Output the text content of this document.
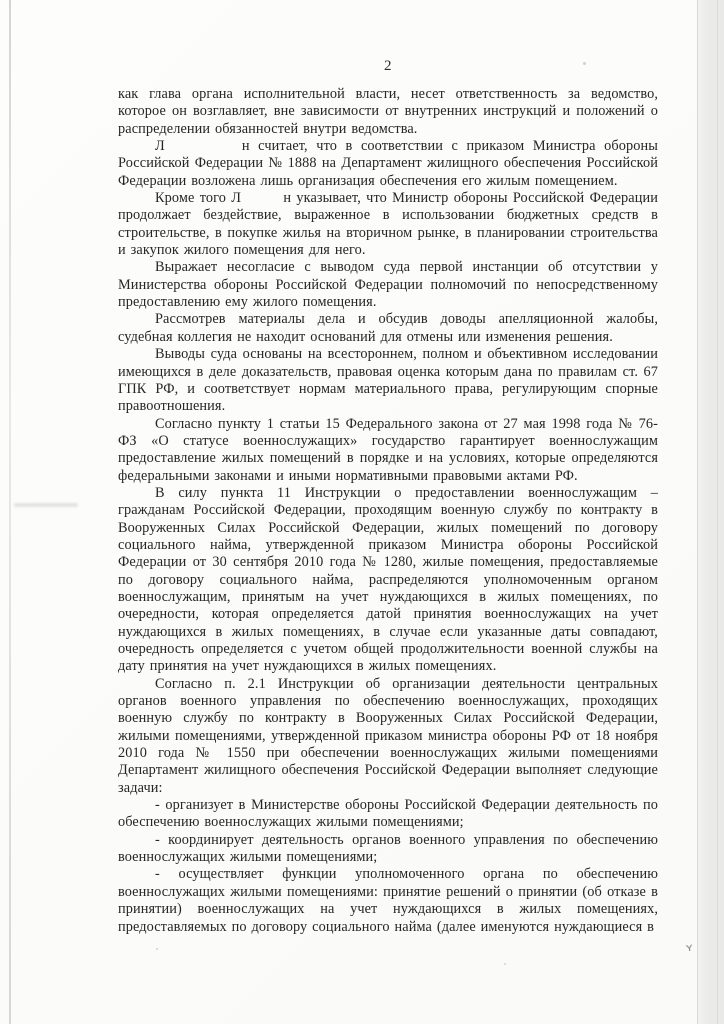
ʏ
2

как глава органа исполнительной власти, несет ответственность за ведомство, которое он возглавляет, вне зависимости от внутренних инструкций и положений о распределении обязанностей внутри ведомства.

Л         н считает, что в соответствии с приказом Министра обороны Российской Федерации № 1888 на Департамент жилищного обеспечения Российской Федерации возложена лишь организация обеспечения его жилым помещением.

Кроме того Л        н указывает, что Министр обороны Российской Федерации продолжает бездействие, выраженное в использовании бюджетных средств в строительстве, в покупке жилья на вторичном рынке, в планировании строительства и закупок жилого помещения для него.

Выражает несогласие с выводом суда первой инстанции об отсутствии у Министерства обороны Российской Федерации полномочий по непосредственному предоставлению ему жилого помещения.

Рассмотрев материалы дела и обсудив доводы апелляционной жалобы, судебная коллегия не находит оснований для отмены или изменения решения.

Выводы суда основаны на всестороннем, полном и объективном исследовании имеющихся в деле доказательств, правовая оценка которым дана по правилам ст. 67 ГПК РФ, и соответствует нормам материального права, регулирующим спорные правоотношения.

Согласно пункту 1 статьи 15 Федерального закона от 27 мая 1998 года № 76-ФЗ «О статусе военнослужащих» государство гарантирует военнослужащим предоставление жилых помещений в порядке и на условиях, которые определяются федеральными законами и иными нормативными правовыми актами РФ.

В силу пункта 11 Инструкции о предоставлении военнослужащим – гражданам Российской Федерации, проходящим военную службу по контракту в Вооруженных Силах Российской Федерации, жилых помещений по договору социального найма, утвержденной приказом Министра обороны Российской Федерации от 30 сентября 2010 года № 1280, жилые помещения, предоставляемые по договору социального найма, распределяются уполномоченным органом военнослужащим, принятым на учет нуждающихся в жилых помещениях, по очередности, которая определяется датой принятия военнослужащих на учет нуждающихся в жилых помещениях, в случае если указанные даты совпадают, очередность определяется с учетом общей продолжительности военной службы на дату принятия на учет нуждающихся в жилых помещениях.

Согласно п. 2.1 Инструкции об организации деятельности центральных органов военного управления по обеспечению военнослужащих, проходящих военную службу по контракту в Вооруженных Силах Российской Федерации, жилыми помещениями, утвержденной приказом министра обороны РФ от 18 ноября 2010 года № 1550 при обеспечении военнослужащих жилыми помещениями Департамент жилищного обеспечения Российской Федерации выполняет следующие задачи:

- организует в Министерстве обороны Российской Федерации деятельность по обеспечению военнослужащих жилыми помещениями;

- координирует деятельность органов военного управления по обеспечению военнослужащих жилыми помещениями;

- осуществляет функции уполномоченного органа по обеспечению военнослужащих жилыми помещениями: принятие решений о принятии (об отказе в принятии) военнослужащих на учет нуждающихся в жилых помещениях, предоставляемых по договору социального найма (далее именуются нуждающиеся в
